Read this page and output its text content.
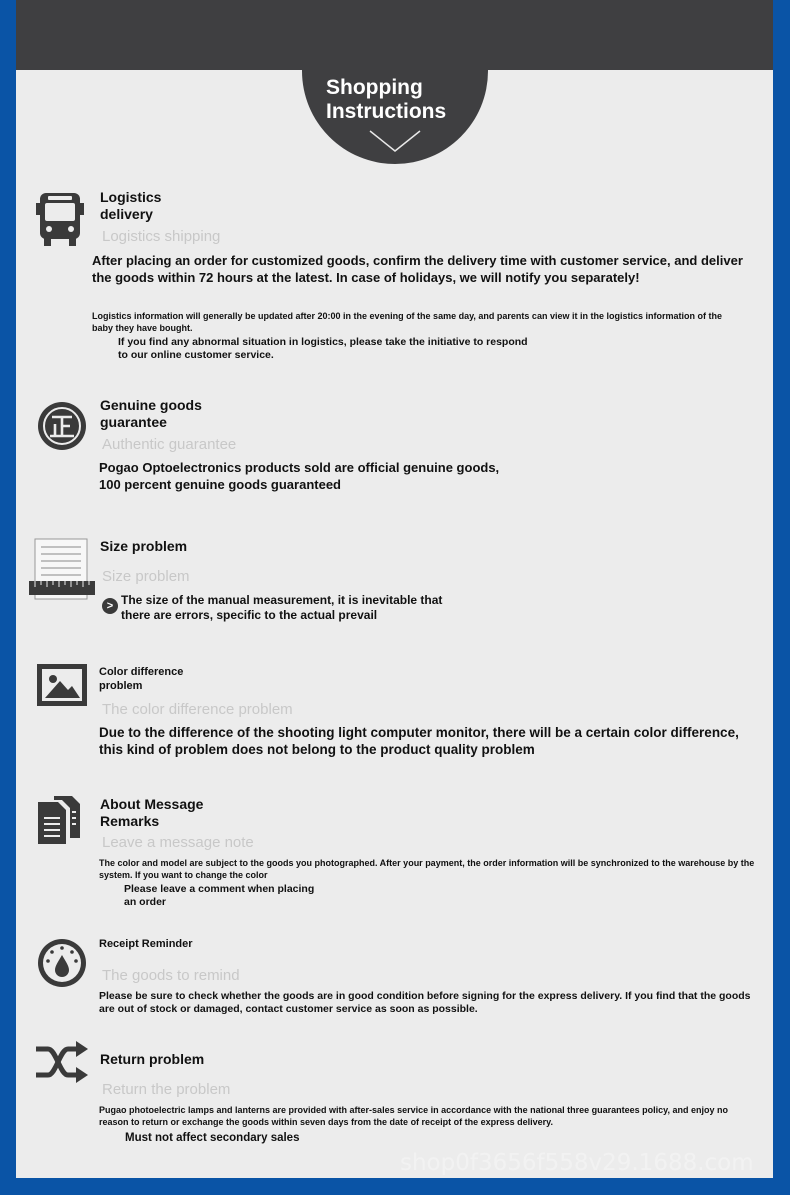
Shopping Instructions

Logistics delivery

Logistics shipping

After placing an order for customized goods, confirm the delivery time with customer service, and deliver the goods within 72 hours at the latest. In case of holidays, we will notify you separately!

Logistics information will generally be updated after 20:00 in the evening of the same day, and parents can view it in the logistics information of the baby they have bought.

If you find any abnormal situation in logistics, please take the initiative to respond to our online customer service.

Genuine goods guarantee

Authentic guarantee

Pogao Optoelectronics products sold are official genuine goods, 100 percent genuine goods guaranteed

Size problem

Size problem

> The size of the manual measurement, it is inevitable that there are errors, specific to the actual prevail

Color difference problem

The color difference problem

Due to the difference of the shooting light computer monitor, there will be a certain color difference, this kind of problem does not belong to the product quality problem

About Message Remarks

Leave a message note

The color and model are subject to the goods you photographed. After your payment, the order information will be synchronized to the warehouse by the system. If you want to change the color

Please leave a comment when placing an order

Receipt Reminder

The goods to remind

Please be sure to check whether the goods are in good condition before signing for the express delivery. If you find that the goods are out of stock or damaged, contact customer service as soon as possible.

Return problem

Return the problem

Pugao photoelectric lamps and lanterns are provided with after-sales service in accordance with the national three guarantees policy, and enjoy no reason to return or exchange the goods within seven days from the date of receipt of the express delivery.

Must not affect secondary sales

shop0f3656f558v29.1688.com
